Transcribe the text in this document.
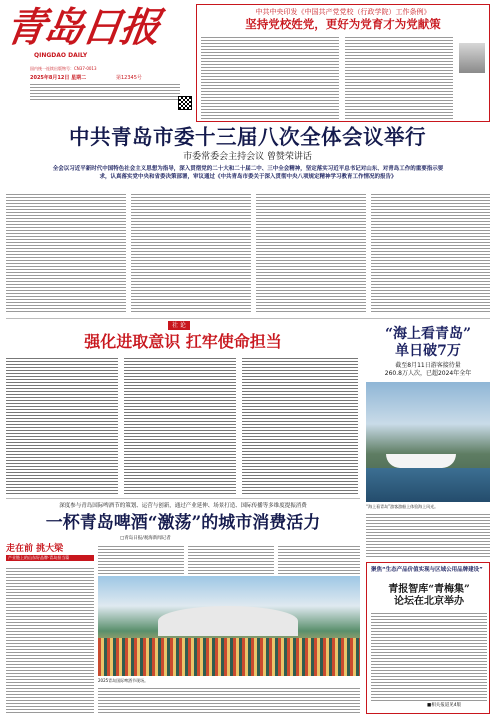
青岛日报
QINGDAO DAILY
国内统一连续出版物号：CN37-0013
2025年8月12日 星期二	第12345号
中共中央印发《中国共产党党校（行政学院）工作条例》
坚持党校姓党，更好为党育才为党献策
中共青岛市委十三届八次全体会议举行
市委常委会主持会议 曾赞荣讲话
全会以习近平新时代中国特色社会主义思想为指导，深入贯彻党的二十大和二十届二中、三中全会精神，坚定落实习近平总书记对山东、对青岛工作的重要指示要求，认真落实党中央和省委决策部署，审议通过《中共青岛市委关于深入贯彻中央八项规定精神学习教育工作情况的报告》
社 论
强化进取意识 扛牢使命担当	“海上看青岛”
单日破7万
截至8月11日游客接待量
260.8万人次，已超2024年全年
“海上看青岛”游客游船上体验海上风光。
深度参与青岛国际啤酒节的策划、运营与创新，通过产业延伸、场景打造、国际传播等多维度提振消费
一杯青岛啤酒“激荡”的城市消费活力
□青岛日报/观海新闻记者
走在前 挑大梁
产业链上的山东好品牌·青岛担当篇
2025青岛国际啤酒节现场。
聚焦“生态产品价值实现与区域公用品牌建设”
青报智库“青梅集”
论坛在北京举办
■相关报道见4版
